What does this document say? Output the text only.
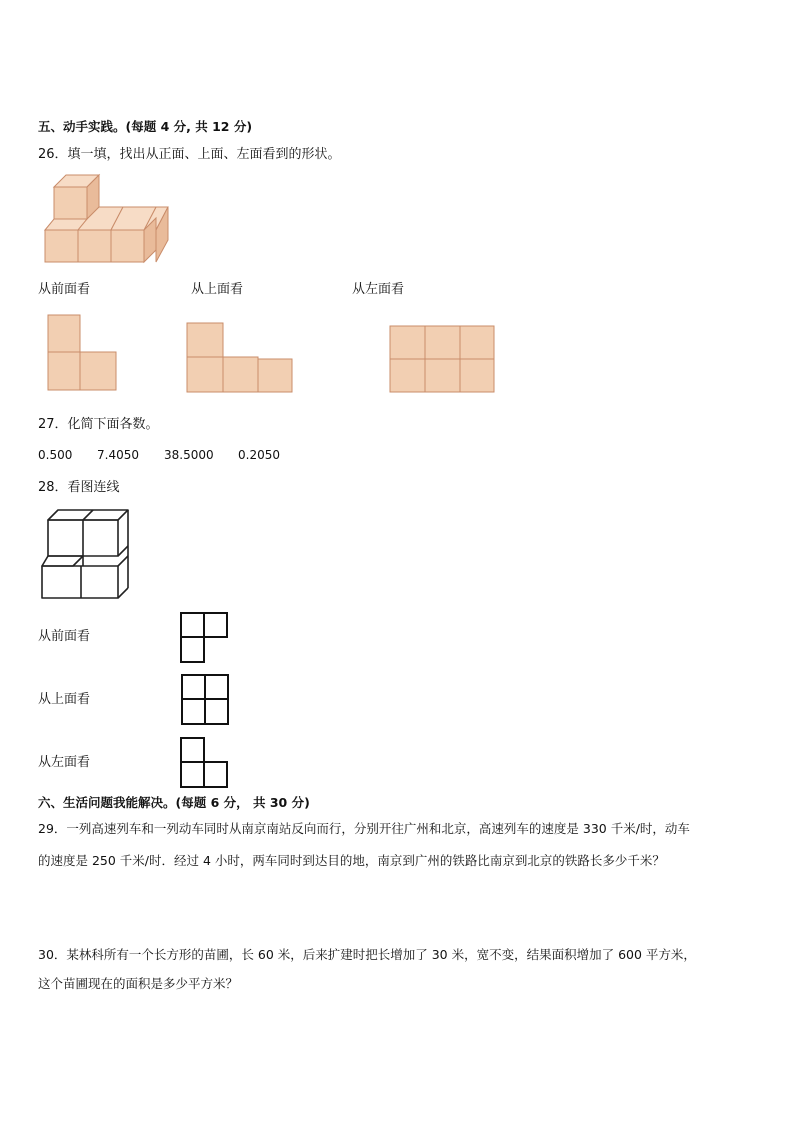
五、动手实践。(每题 4 分, 共 12 分)
26．填一填，找出从正面、上面、左面看到的形状。
从前面看	从上面看	从左面看
27．化简下面各数。
0.500 7.4050 38.5000 0.2050
28．看图连线
从前面看
从上面看
从左面看
六、生活问题我能解决。(每题 6 分， 共 30 分)
29．一列高速列车和一列动车同时从南京南站反向而行，分别开往广州和北京，高速列车的速度是 330 千米/时，动车
的速度是 250 千米/时．经过 4 小时，两车同时到达目的地，南京到广州的铁路比南京到北京的铁路长多少千米？
30．某林科所有一个长方形的苗圃，长 60 米，后来扩建时把长增加了 30 米，宽不变，结果面积增加了 600 平方米，
这个苗圃现在的面积是多少平方米？
